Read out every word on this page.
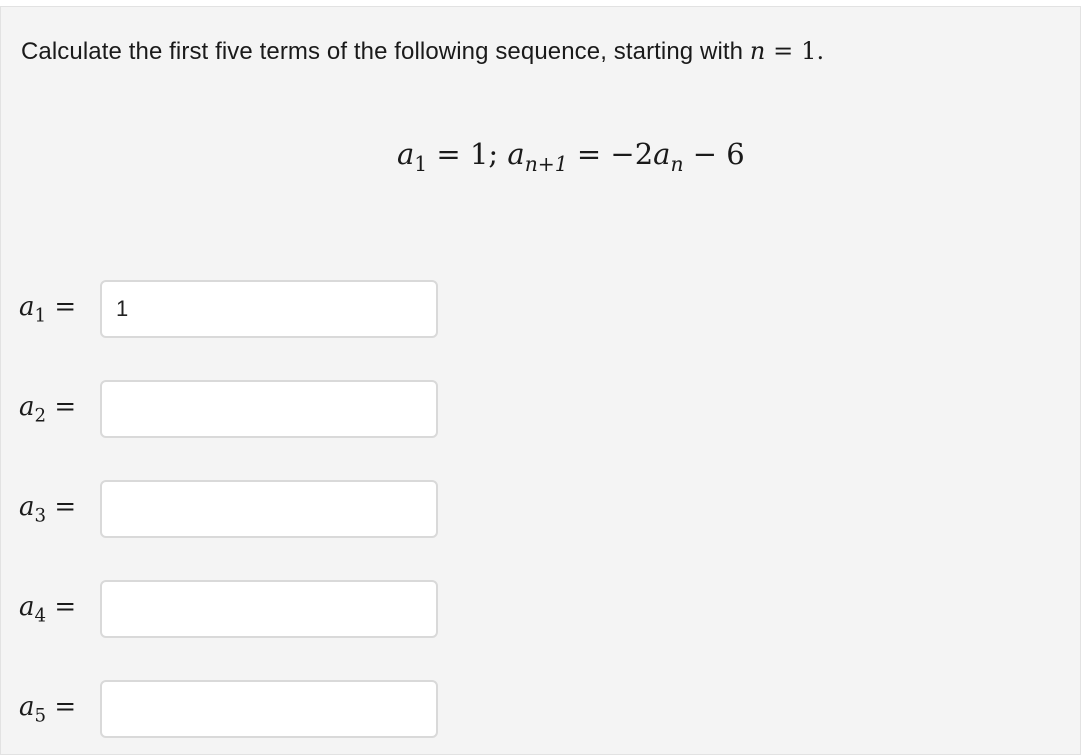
Calculate the first five terms of the following sequence, starting with n = 1.
$a_1 = 1$; $a_{n+1} = -2a_n - 6$
$a_1$ =
1
$a_2$ =
$a_3$ =
$a_4$ =
$a_5$ =
